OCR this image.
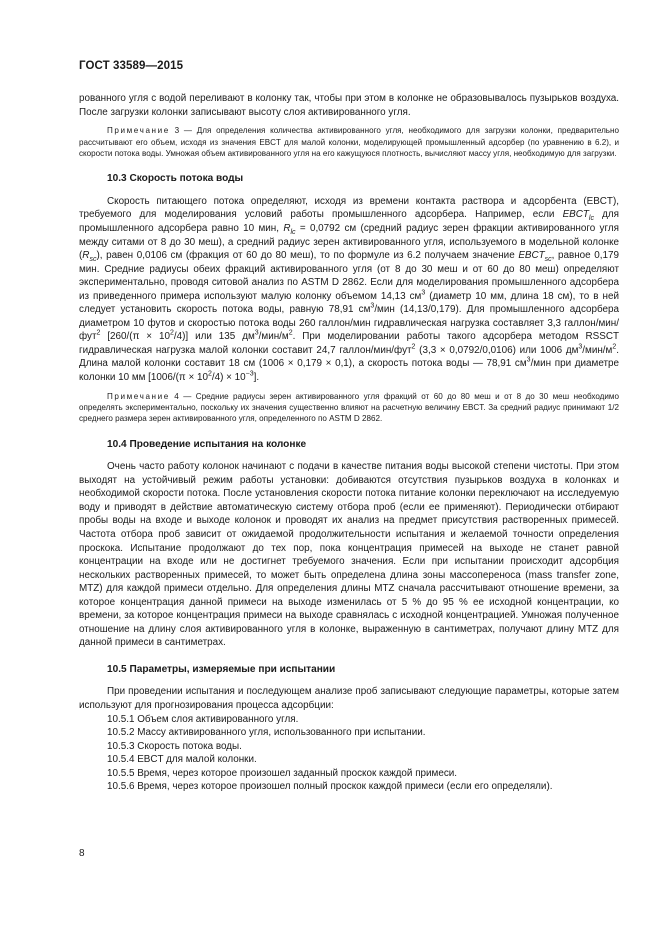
ГОСТ 33589—2015

рованного угля с водой переливают в колонку так, чтобы при этом в колонке не образовывалось пузырьков воздуха. После загрузки колонки записывают высоту слоя активированного угля.

Примечание 3 — Для определения количества активированного угля, необходимого для загрузки колонки, предварительно рассчитывают его объем, исходя из значения EBCT для малой колонки, моделирующей промышленный адсорбер (по уравнению в 6.2), и скорости потока воды. Умножая объем активированного угля на его кажущуюся плотность, вычисляют массу угля, необходимую для загрузки.

10.3 Скорость потока воды

Скорость питающего потока определяют, исходя из времени контакта раствора и адсорбента (EBCT), требуемого для моделирования условий работы промышленного адсорбера. Например, если $EBCT_{lc}$ для промышленного адсорбера равно 10 мин, $R_{lc} = 0,0792$ см (средний радиус зерен фракции активированного угля между ситами от 8 до 30 меш), а средний радиус зерен активированного угля, используемого в модельной колонке $(R_{sc})$, равен 0,0106 см (фракция от 60 до 80 меш), то по формуле из 6.2 получаем значение $EBCT_{sc}$, равное 0,179 мин. Средние радиусы обеих фракций активированного угля (от 8 до 30 меш и от 60 до 80 меш) определяют экспериментально, проводя ситовой анализ по ASTM D 2862. Если для моделирования промышленного адсорбера из приведенного примера используют малую колонку объемом 14,13 $см^3$ (диаметр 10 мм, длина 18 см), то в ней следует установить скорость потока воды, равную 78,91 $см^3$/мин (14,13/0,179). Для промышленного адсорбера диаметром 10 футов и скоростью потока воды 260 галлон/мин гидравлическая нагрузка составляет 3,3 галлон/мин/фут$^2$ $[260/(\pi \times 10^2/4)]$ или 135 $дм^3/мин/м^2$. При моделировании работы такого адсорбера методом RSSCT гидравлическая нагрузка малой колонки составит 24,7 галлон/мин/фут$^2$ (3,3 × 0,0792/0,0106) или 1006 $дм^3/мин/м^2$. Длина малой колонки составит 18 см (1006 × 0,179 × 0,1), а скорость потока воды — 78,91 $см^3$/мин при диаметре колонки 10 мм $[1006/(\pi \times 10^2/4) \times 10^{-3}]$.

Примечание 4 — Средние радиусы зерен активированного угля фракций от 60 до 80 меш и от 8 до 30 меш необходимо определять экспериментально, поскольку их значения существенно влияют на расчетную величину EBCT. За средний радиус принимают 1/2 среднего размера зерен активированного угля, определенного по ASTM D 2862.

10.4 Проведение испытания на колонке

Очень часто работу колонок начинают с подачи в качестве питания воды высокой степени чистоты. При этом выходят на устойчивый режим работы установки: добиваются отсутствия пузырьков воздуха в колонках и необходимой скорости потока. После установления скорости потока питание колонки переключают на исследуемую воду и приводят в действие автоматическую систему отбора проб (если ее применяют). Периодически отбирают пробы воды на входе и выходе колонок и проводят их анализ на предмет присутствия растворенных примесей. Частота отбора проб зависит от ожидаемой продолжительности испытания и желаемой точности определения проскока. Испытание продолжают до тех пор, пока концентрация примесей на выходе не станет равной концентрации на входе или не достигнет требуемого значения. Если при испытании происходит адсорбция нескольких растворенных примесей, то может быть определена длина зоны массопереноса (mass transfer zone, MTZ) для каждой примеси отдельно. Для определения длины MTZ сначала рассчитывают отношение времени, за которое концентрация данной примеси на выходе изменилась от 5 % до 95 % ее исходной концентрации, ко времени, за которое концентрация примеси на выходе сравнялась с исходной концентрацией. Умножая полученное отношение на длину слоя активированного угля в колонке, выраженную в сантиметрах, получают длину MTZ для данной примеси в сантиметрах.

10.5 Параметры, измеряемые при испытании

При проведении испытания и последующем анализе проб записывают следующие параметры, которые затем используют для прогнозирования процесса адсорбции:

10.5.1 Объем слоя активированного угля.
10.5.2 Массу активированного угля, использованного при испытании.
10.5.3 Скорость потока воды.
10.5.4 EBCT для малой колонки.
10.5.5 Время, через которое произошел заданный проскок каждой примеси.
10.5.6 Время, через которое произошел полный проскок каждой примеси (если его определяли).
8
